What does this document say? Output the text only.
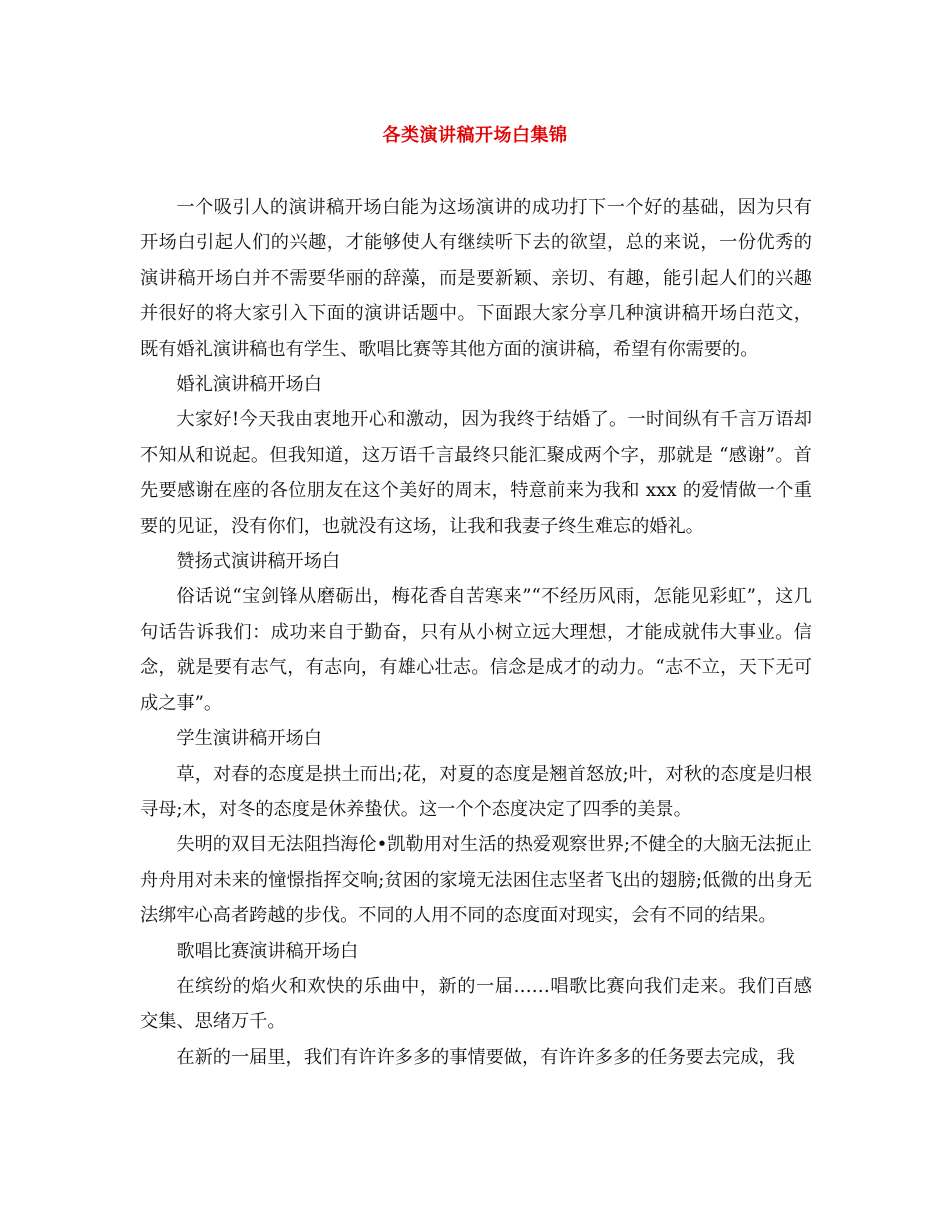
各类演讲稿开场白集锦

一个吸引人的演讲稿开场白能为这场演讲的成功打下一个好的基础，因为只有开场白引起人们的兴趣，才能够使人有继续听下去的欲望，总的来说，一份优秀的演讲稿开场白并不需要华丽的辞藻，而是要新颖、亲切、有趣，能引起人们的兴趣并很好的将大家引入下面的演讲话题中。下面跟大家分享几种演讲稿开场白范文，既有婚礼演讲稿也有学生、歌唱比赛等其他方面的演讲稿，希望有你需要的。

婚礼演讲稿开场白

大家好!今天我由衷地开心和激动，因为我终于结婚了。一时间纵有千言万语却不知从和说起。但我知道，这万语千言最终只能汇聚成两个字，那就是 “感谢”。首先要感谢在座的各位朋友在这个美好的周末，特意前来为我和 xxx 的爱情做一个重要的见证，没有你们，也就没有这场，让我和我妻子终生难忘的婚礼。

赞扬式演讲稿开场白

俗话说“宝剑锋从磨砺出，梅花香自苦寒来”“不经历风雨，怎能见彩虹”，这几句话告诉我们：成功来自于勤奋，只有从小树立远大理想，才能成就伟大事业。信念，就是要有志气，有志向，有雄心壮志。信念是成才的动力。“志不立，天下无可成之事”。

学生演讲稿开场白

草，对春的态度是拱土而出;花，对夏的态度是翘首怒放;叶，对秋的态度是归根寻母;木，对冬的态度是休养蛰伏。这一个个态度决定了四季的美景。

失明的双目无法阻挡海伦•凯勒用对生活的热爱观察世界;不健全的大脑无法扼止舟舟用对未来的憧憬指挥交响;贫困的家境无法困住志坚者飞出的翅膀;低微的出身无法绑牢心高者跨越的步伐。不同的人用不同的态度面对现实，会有不同的结果。

歌唱比赛演讲稿开场白

在缤纷的焰火和欢快的乐曲中，新的一届……唱歌比赛向我们走来。我们百感交集、思绪万千。

在新的一届里，我们有许许多多的事情要做，有许许多多的任务要去完成，我
